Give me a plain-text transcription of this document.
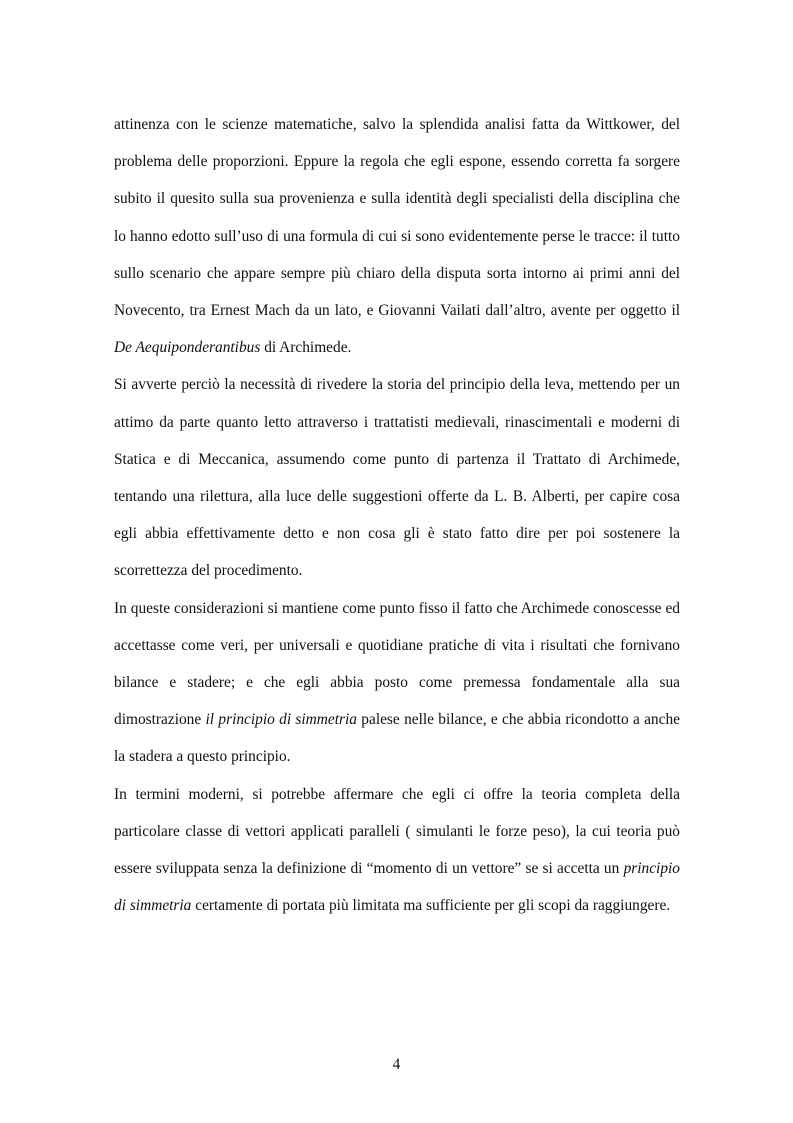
attinenza con le scienze matematiche, salvo la splendida analisi fatta da Wittkower, del problema delle proporzioni. Eppure la regola che egli espone, essendo corretta fa sorgere subito il quesito sulla sua provenienza e sulla identità degli specialisti della disciplina che lo hanno edotto sull’uso di una formula di cui si sono evidentemente perse le tracce: il tutto sullo scenario che appare sempre più chiaro della disputa sorta intorno ai primi anni del Novecento, tra Ernest Mach da un lato, e Giovanni Vailati dall’altro, avente per oggetto il De Aequiponderantibus di Archimede.

Si avverte perciò la necessità di rivedere la storia del principio della leva, mettendo per un attimo da parte quanto letto attraverso i trattatisti medievali, rinascimentali e moderni di Statica e di Meccanica, assumendo come punto di partenza il Trattato di Archimede, tentando una rilettura, alla luce delle suggestioni offerte da L. B. Alberti, per capire cosa egli abbia effettivamente detto e non cosa gli è stato fatto dire per poi sostenere la scorrettezza del procedimento.

In queste considerazioni si mantiene come punto fisso il fatto che Archimede conoscesse ed accettasse come veri, per universali e quotidiane pratiche di vita i risultati che fornivano bilance e stadere; e che egli abbia posto come premessa fondamentale alla sua dimostrazione il principio di simmetria palese nelle bilance, e che abbia ricondotto a anche la stadera a questo principio.

In termini moderni, si potrebbe affermare che egli ci offre la teoria completa della particolare classe di vettori applicati paralleli ( simulanti le forze peso), la cui teoria può essere sviluppata senza la definizione di “momento di un vettore” se si accetta un principio di simmetria certamente di portata più limitata ma sufficiente per gli scopi da raggiungere.

4
